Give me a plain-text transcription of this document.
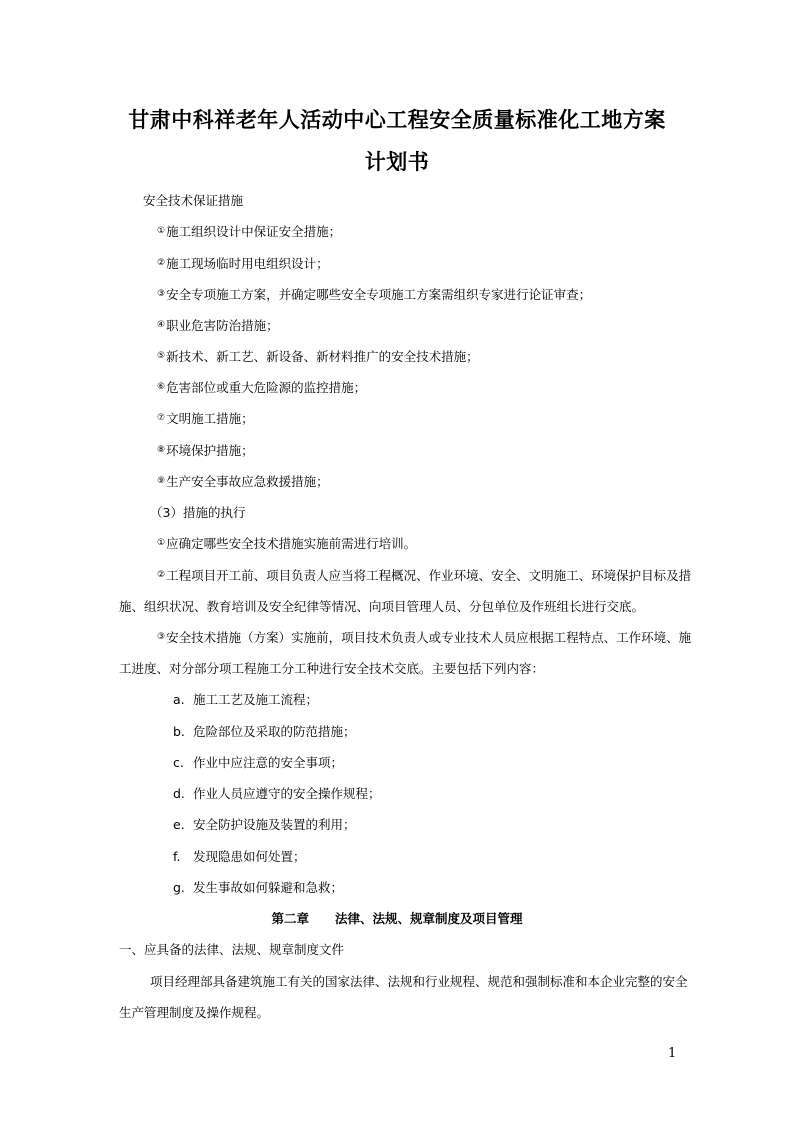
甘肃中科祥老年人活动中心工程安全质量标准化工地方案
计划书
安全技术保证措施
①施工组织设计中保证安全措施；
②施工现场临时用电组织设计；
③安全专项施工方案，并确定哪些安全专项施工方案需组织专家进行论证审查；
④职业危害防治措施；
⑤新技术、新工艺、新设备、新材料推广的安全技术措施；
⑥危害部位或重大危险源的监控措施；
⑦文明施工措施；
⑧环境保护措施；
⑨生产安全事故应急救援措施；
（3）措施的执行
①应确定哪些安全技术措施实施前需进行培训。
②工程项目开工前、项目负责人应当将工程概况、作业环境、安全、文明施工、环境保护目标及措
施、组织状况、教育培训及安全纪律等情况、向项目管理人员、分包单位及作班组长进行交底。
③安全技术措施（方案）实施前，项目技术负责人或专业技术人员应根据工程特点、工作环境、施
工进度、对分部分项工程施工分工种进行安全技术交底。主要包括下列内容：
a. 施工工艺及施工流程；
b. 危险部位及采取的防范措施；
c. 作业中应注意的安全事项；
d. 作业人员应遵守的安全操作规程；
e. 安全防护设施及装置的利用；
f. 发现隐患如何处置；
g. 发生事故如何躲避和急救；
第二章 法律、法规、规章制度及项目管理
一、应具备的法律、法规、规章制度文件
项目经理部具备建筑施工有关的国家法律、法规和行业规程、规范和强制标准和本企业完整的安全
生产管理制度及操作规程。
1
